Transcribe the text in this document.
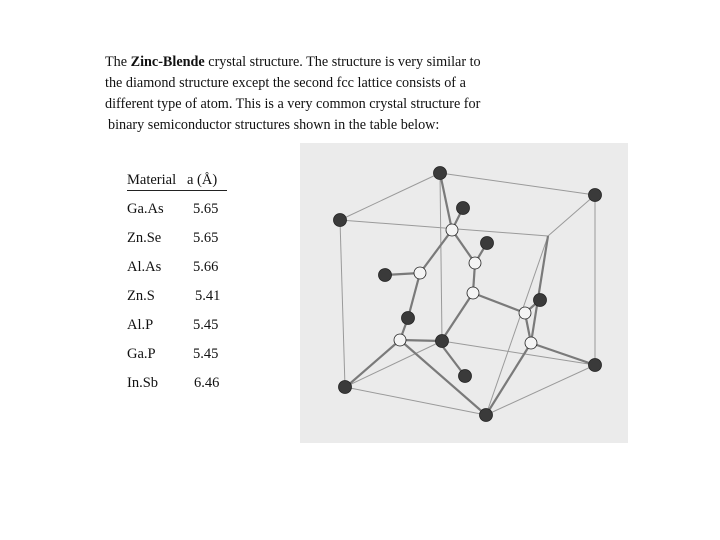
The Zinc-Blende crystal structure. The structure is very similar to
the diamond structure except the second fcc lattice consists of a
different type of atom. This is a very common crystal structure for
binary semiconductor structures shown in the table below:
Material a (Å)
Ga.As 5.65
Zn.Se 5.65
Al.As 5.66
Zn.S	5.41
Al.P	5.45
Ga.P	5.45
In.Sb 6.46
